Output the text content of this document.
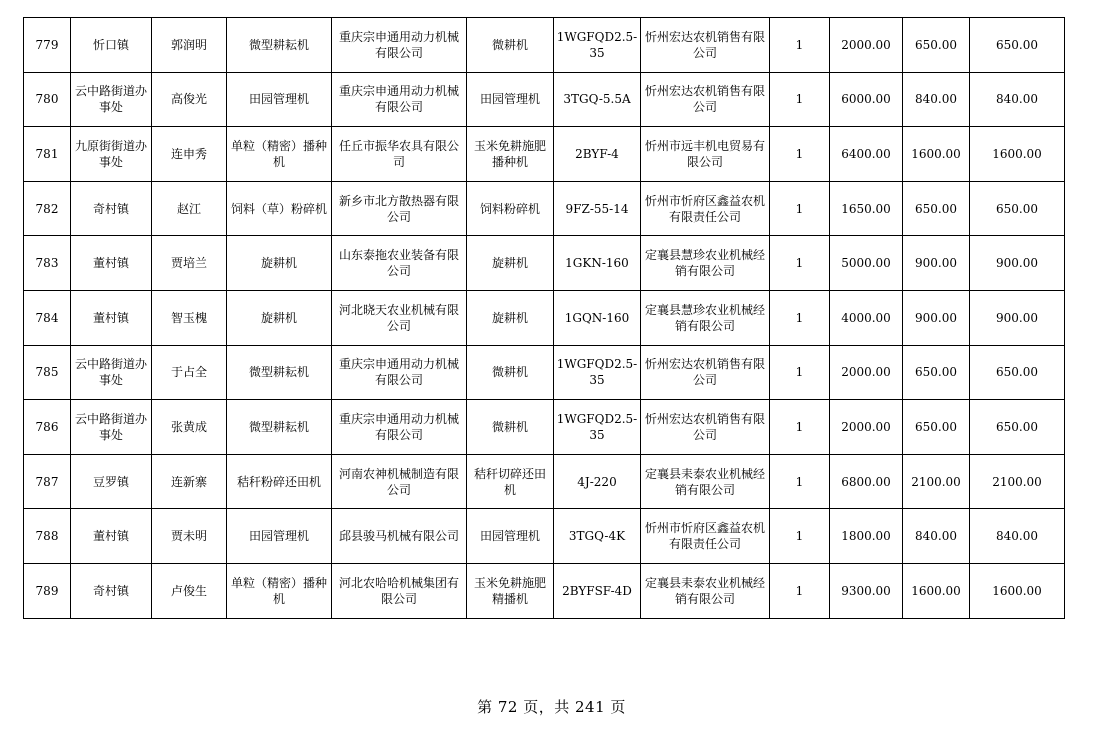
779	忻口镇	郭润明	微型耕耘机	重庆宗申通用动力机械有限公司	微耕机	1WGFQD2.5-35	忻州宏达农机销售有限公司	1	2000.00	650.00	650.00
780	云中路街道办事处	高俊光	田园管理机	重庆宗申通用动力机械有限公司	田园管理机	3TGQ-5.5A	忻州宏达农机销售有限公司	1	6000.00	840.00	840.00
781	九原街街道办事处	连申秀	单粒（精密）播种机	任丘市振华农具有限公司	玉米免耕施肥播种机	2BYF-4	忻州市远丰机电贸易有限公司	1	6400.00	1600.00	1600.00
782	奇村镇	赵江	饲料（草）粉碎机	新乡市北方散热器有限公司	饲料粉碎机	9FZ-55-14	忻州市忻府区鑫益农机有限责任公司	1	1650.00	650.00	650.00
783	董村镇	贾培兰	旋耕机	山东泰拖农业装备有限公司	旋耕机	1GKN-160	定襄县慧珍农业机械经销有限公司	1	5000.00	900.00	900.00
784	董村镇	智玉槐	旋耕机	河北晓天农业机械有限公司	旋耕机	1GQN-160	定襄县慧珍农业机械经销有限公司	1	4000.00	900.00	900.00
785	云中路街道办事处	于占全	微型耕耘机	重庆宗申通用动力机械有限公司	微耕机	1WGFQD2.5-35	忻州宏达农机销售有限公司	1	2000.00	650.00	650.00
786	云中路街道办事处	张黄成	微型耕耘机	重庆宗申通用动力机械有限公司	微耕机	1WGFQD2.5-35	忻州宏达农机销售有限公司	1	2000.00	650.00	650.00
787	豆罗镇	连新寨	秸秆粉碎还田机	河南农神机械制造有限公司	秸秆切碎还田机	4J-220	定襄县耒泰农业机械经销有限公司	1	6800.00	2100.00	2100.00
788	董村镇	贾未明	田园管理机	邱县骏马机械有限公司	田园管理机	3TGQ-4K	忻州市忻府区鑫益农机有限责任公司	1	1800.00	840.00	840.00
789	奇村镇	卢俊生	单粒（精密）播种机	河北农哈哈机械集团有限公司	玉米免耕施肥精播机	2BYFSF-4D	定襄县耒泰农业机械经销有限公司	1	9300.00	1600.00	1600.00
第 72 页，共 241 页
